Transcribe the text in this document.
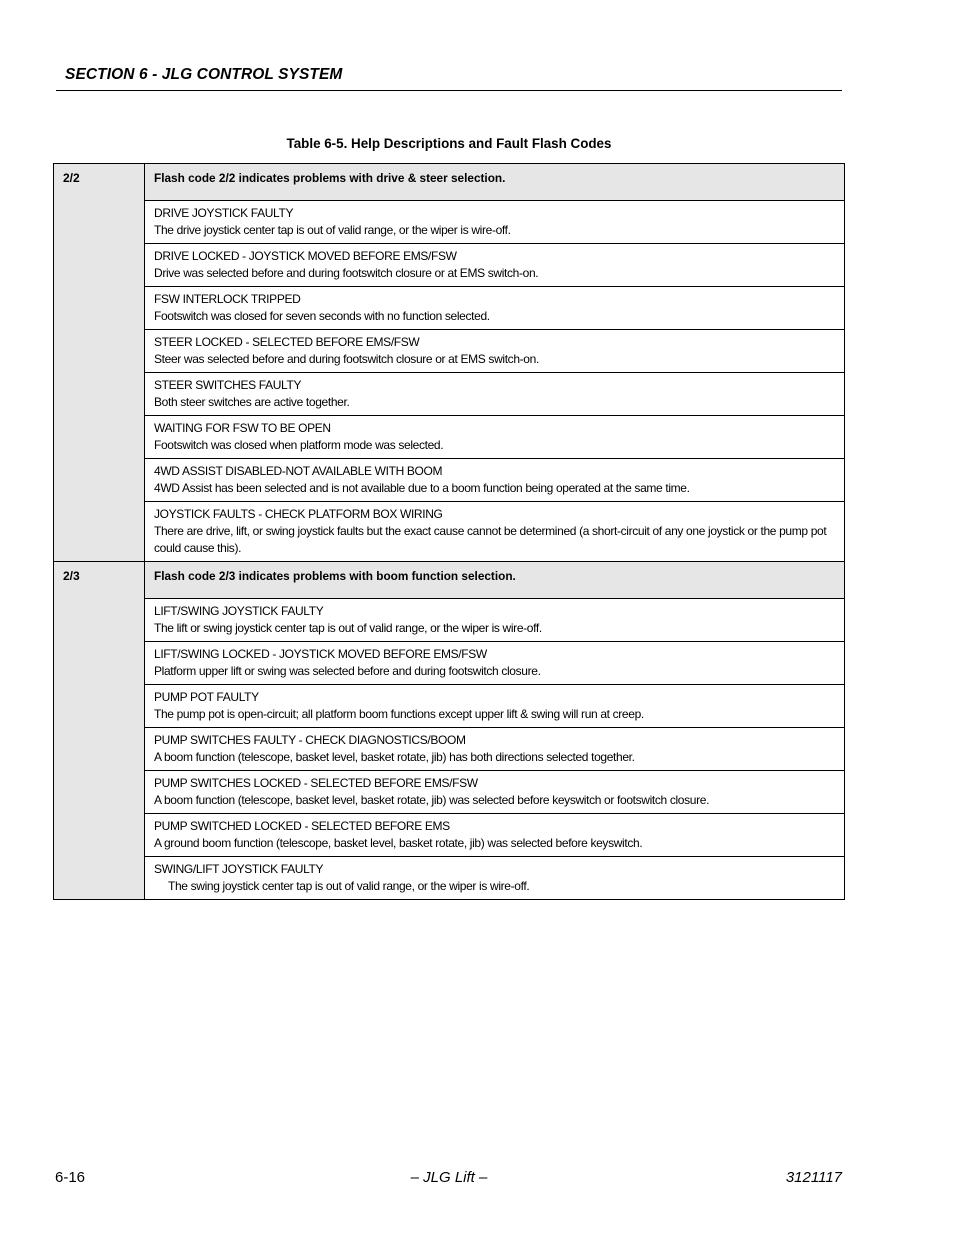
SECTION 6 - JLG CONTROL SYSTEM
Table 6-5. Help Descriptions and Fault Flash Codes
2/2	Flash code 2/2 indicates problems with drive & steer selection.

	DRIVE JOYSTICK FAULTY
The drive joystick center tap is out of valid range, or the wiper is wire-off.

	DRIVE LOCKED - JOYSTICK MOVED BEFORE EMS/FSW
Drive was selected before and during footswitch closure or at EMS switch-on.

	FSW INTERLOCK TRIPPED
Footswitch was closed for seven seconds with no function selected.

	STEER LOCKED - SELECTED BEFORE EMS/FSW
Steer was selected before and during footswitch closure or at EMS switch-on.

	STEER SWITCHES FAULTY
Both steer switches are active together.

	WAITING FOR FSW TO BE OPEN
Footswitch was closed when platform mode was selected.

	4WD ASSIST DISABLED-NOT AVAILABLE WITH BOOM
4WD Assist has been selected and is not available due to a boom function being operated at the same time.

	JOYSTICK FAULTS - CHECK PLATFORM BOX WIRING
There are drive, lift, or swing joystick faults but the exact cause cannot be determined (a short-circuit of any one joystick or the pump pot could cause this).

2/3	Flash code 2/3 indicates problems with boom function selection.

	LIFT/SWING JOYSTICK FAULTY
The lift or swing joystick center tap is out of valid range, or the wiper is wire-off.

	LIFT/SWING LOCKED - JOYSTICK MOVED BEFORE EMS/FSW
Platform upper lift or swing was selected before and during footswitch closure.

	PUMP POT FAULTY
The pump pot is open-circuit; all platform boom functions except upper lift & swing will run at creep.

	PUMP SWITCHES FAULTY - CHECK DIAGNOSTICS/BOOM
A boom function (telescope, basket level, basket rotate, jib) has both directions selected together.

	PUMP SWITCHES LOCKED - SELECTED BEFORE EMS/FSW
A boom function (telescope, basket level, basket rotate, jib) was selected before keyswitch or footswitch closure.

	PUMP SWITCHED LOCKED - SELECTED BEFORE EMS
A ground boom function (telescope, basket level, basket rotate, jib) was selected before keyswitch.

	SWING/LIFT JOYSTICK FAULTY
The swing joystick center tap is out of valid range, or the wiper is wire-off.
6-16	– JLG Lift –	3121117
